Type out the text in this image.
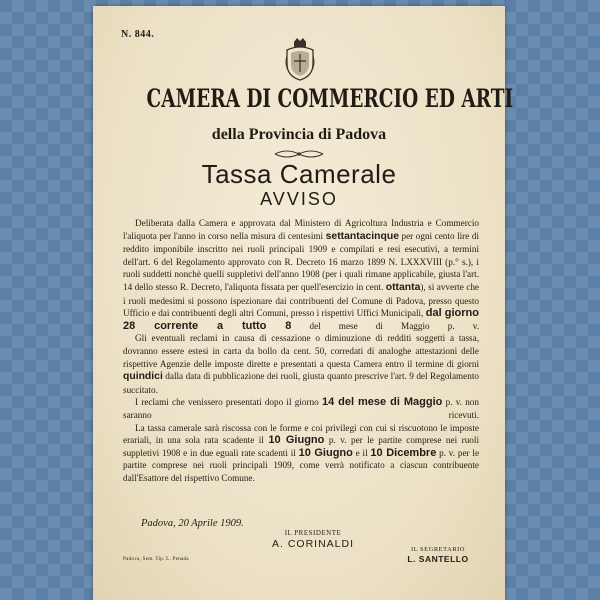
N. 844.
CAMERA DI COMMERCIO ED ARTI
della Provincia di Padova
Tassa Camerale
AVVISO

Deliberata dalla Camera e approvata dal Ministero di Agricoltura Industria e Commercio l'aliquota per l'anno in corso nella misura di centesimi settantacinque per ogni cento lire di reddito imponibile inscritto nei ruoli principali 1909 e compilati e resi esecutivi, a termini dell'art. 6 del Regolamento approvato con R. Decreto 16 marzo 1899 N. LXXXVIII (p.° s.), i ruoli suddetti nonchè quelli suppletivi dell'anno 1908 (per i quali rimane applicabile, giusta l'art. 14 dello stesso R. Decreto, l'aliquota fissata per quell'esercizio in cent. ottanta), si avverte che i ruoli medesimi si possono ispezionare dai contribuenti del Comune di Padova, presso questo Ufficio e dai contribuenti degli altri Comuni, presso i rispettivi Uffici Municipali, dal giorno 28 corrente a tutto 8 del mese di Maggio p. v.

Gli eventuali reclami in causa di cessazione o diminuzione di redditi soggetti a tassa, dovranno essere estesi in carta da bollo da cent. 50, corredati di analoghe attestazioni delle rispettive Agenzie delle imposte dirette e presentati a questa Camera entro il termine di giorni quindici dalla data di pubblicazione dei ruoli, giusta quanto prescrive l'art. 9 del Regolamento succitato.

I reclami che venissero presentati dopo il giorno 14 del mese di Maggio p. v. non saranno ricevuti.

La tassa camerale sarà riscossa con le forme e coi privilegi con cui si riscuotono le imposte erariali, in una sola rata scadente il 10 Giugno p. v. per le partite comprese nei ruoli suppletivi 1908 e in due eguali rate scadenti il 10 Giugno e il 10 Dicembre p. v. per le partite comprese nei ruoli principali 1909, come verrà notificato a ciascun contribuente dall'Esattore del rispettivo Comune.

Padova, 20 Aprile 1909.
IL PRESIDENTE
A. CORINALDI
Padova, Sem. Tip. L. Penada
IL SEGRETARIO
L. SANTELLO
